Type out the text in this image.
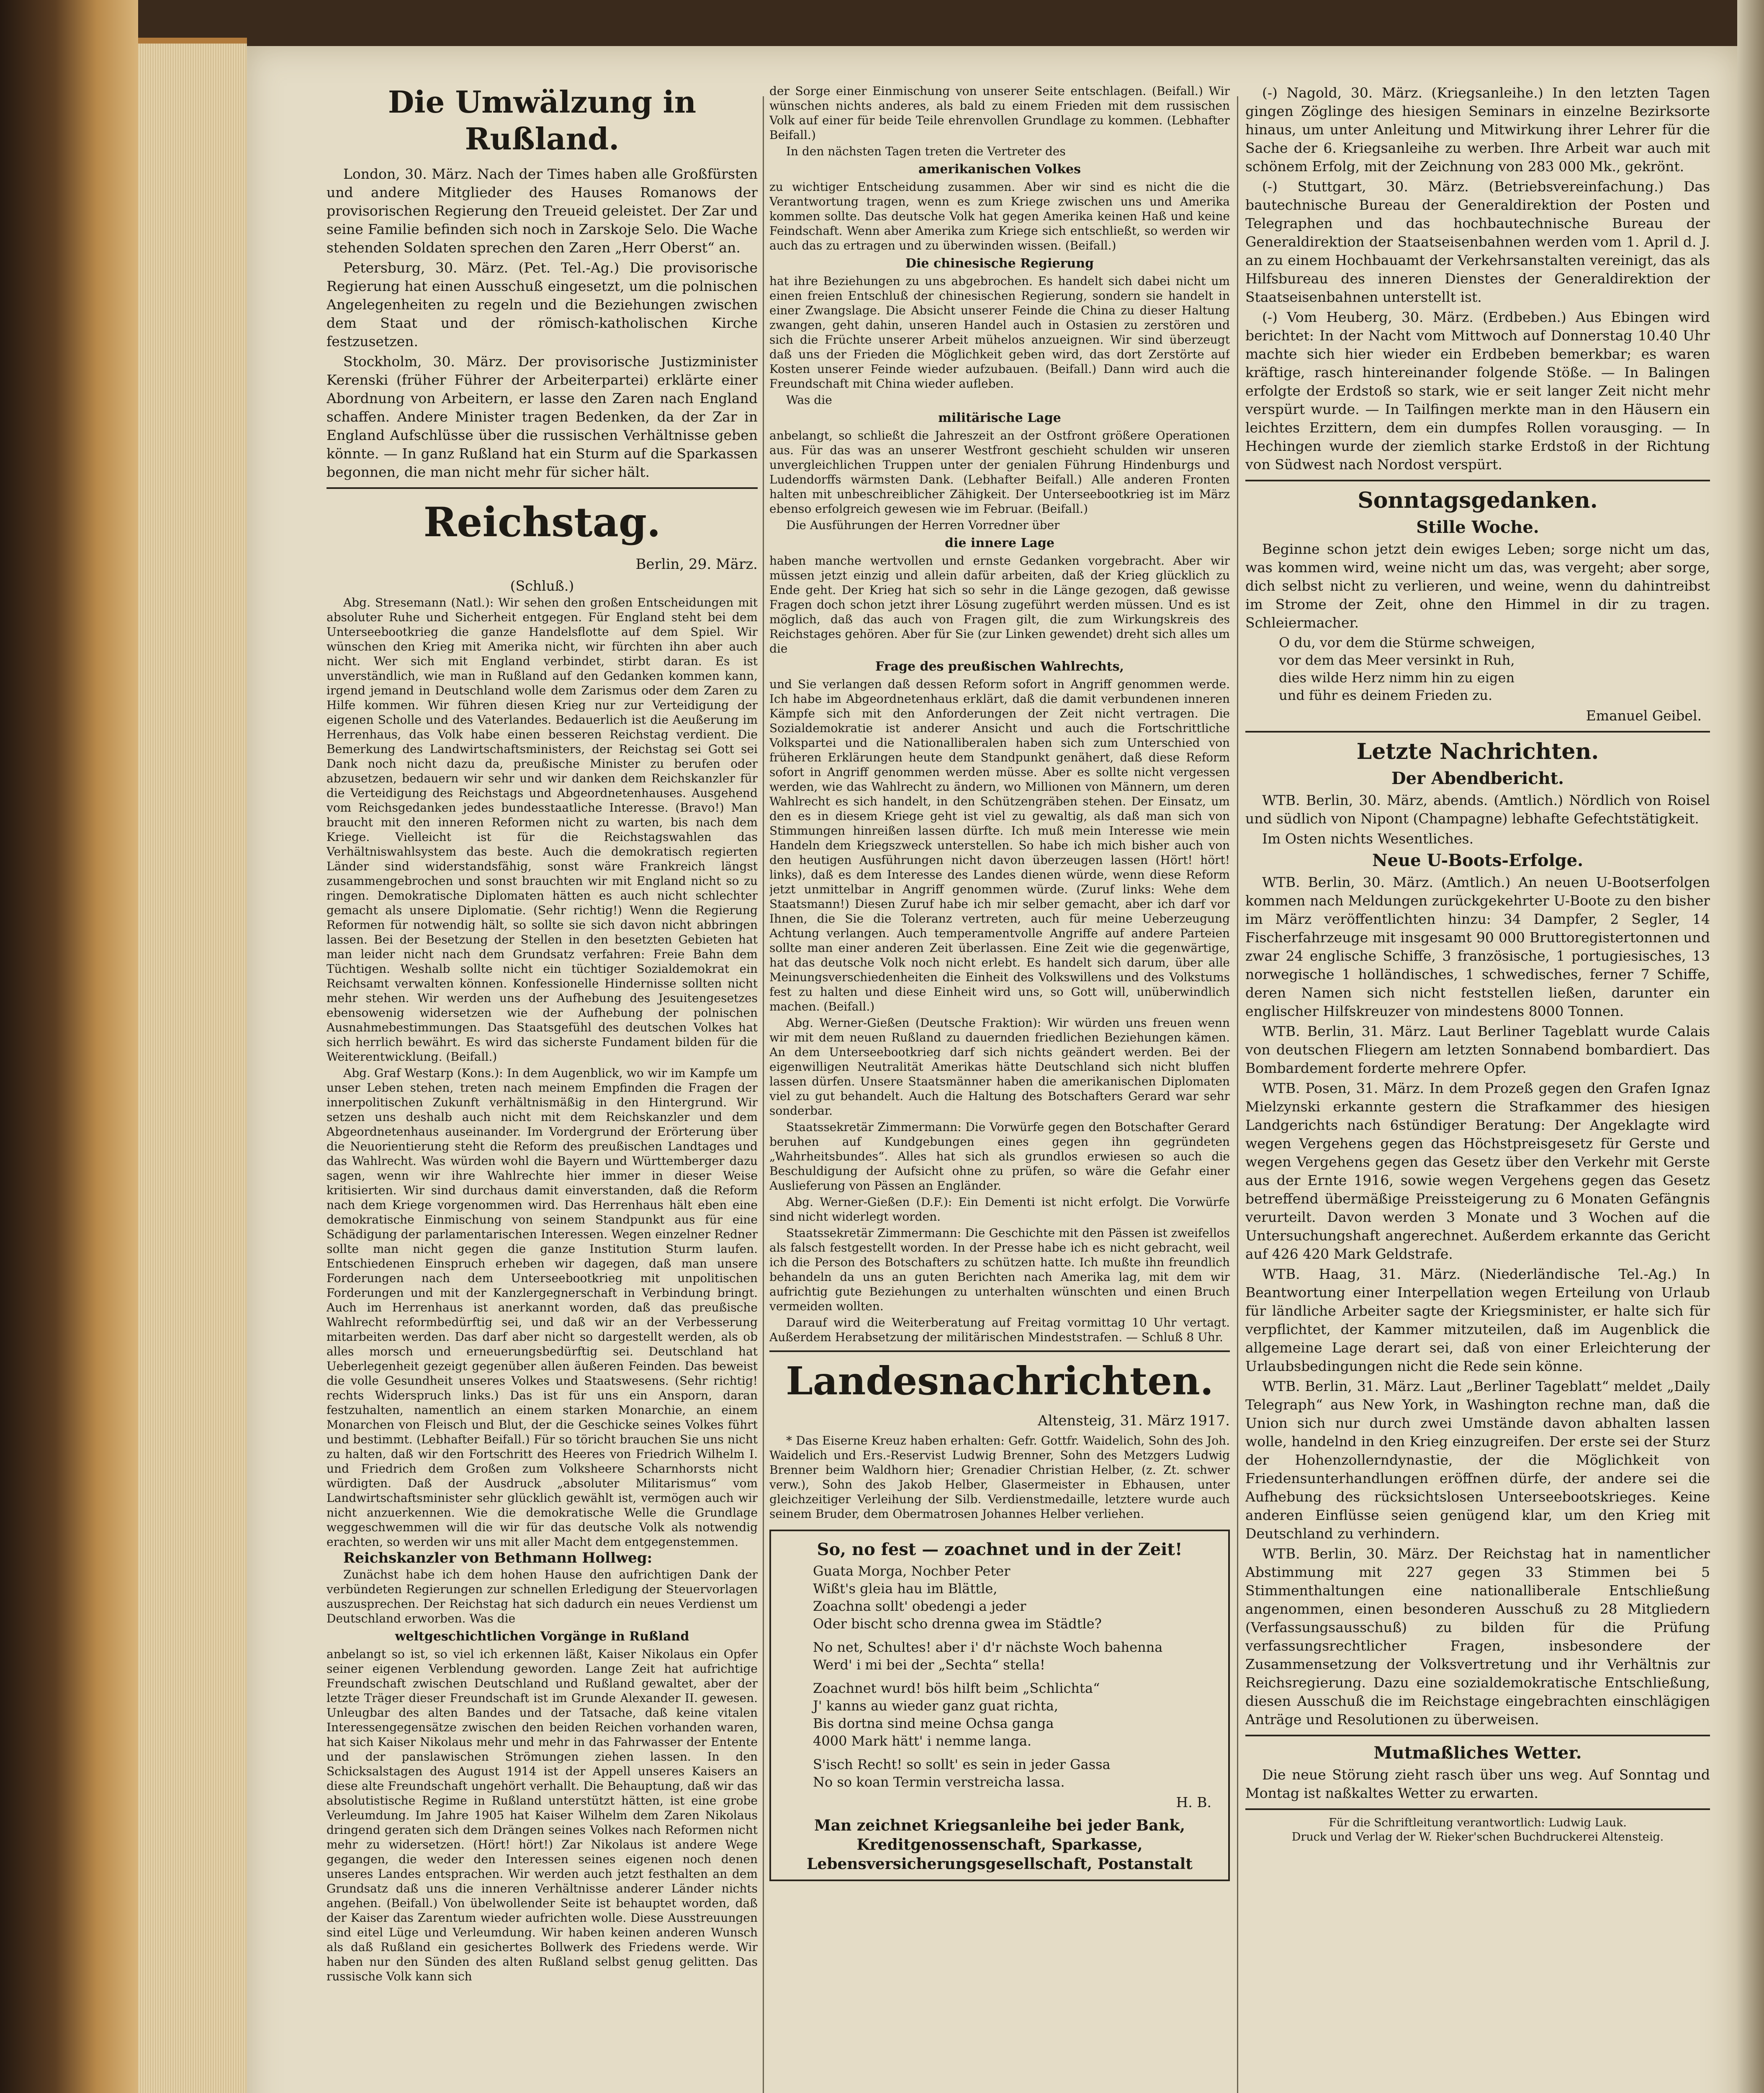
Die Umwälzung in Rußland.

London, 30. März. Nach der Times haben alle Großfürsten und andere Mitglieder des Hauses Romanows der provisorischen Regierung den Treueid geleistet. Der Zar und seine Familie befinden sich noch in Zarskoje Selo. Die Wache stehenden Soldaten sprechen den Zaren „Herr Oberst“ an.

Petersburg, 30. März. (Pet. Tel.-Ag.) Die provisorische Regierung hat einen Ausschuß eingesetzt, um die polnischen Angelegenheiten zu regeln und die Beziehungen zwischen dem Staat und der römisch-katholischen Kirche festzusetzen.

Stockholm, 30. März. Der provisorische Justizminister Kerenski (früher Führer der Arbeiterpartei) erklärte einer Abordnung von Arbeitern, er lasse den Zaren nach England schaffen. Andere Minister tragen Bedenken, da der Zar in England Aufschlüsse über die russischen Verhältnisse geben könnte. — In ganz Rußland hat ein Sturm auf die Sparkassen begonnen, die man nicht mehr für sicher hält.

Reichstag.
Berlin, 29. März.
(Schluß.)

Abg. Stresemann (Natl.): Wir sehen den großen Entscheidungen mit absoluter Ruhe und Sicherheit entgegen. Für England steht bei dem Unterseebootkrieg die ganze Handelsflotte auf dem Spiel. Wir wünschen den Krieg mit Amerika nicht, wir fürchten ihn aber auch nicht. Wer sich mit England verbindet, stirbt daran. Es ist unverständlich, wie man in Rußland auf den Gedanken kommen kann, irgend jemand in Deutschland wolle dem Zarismus oder dem Zaren zu Hilfe kommen. Wir führen diesen Krieg nur zur Verteidigung der eigenen Scholle und des Vaterlandes. Bedauerlich ist die Aeußerung im Herrenhaus, das Volk habe einen besseren Reichstag verdient. Die Bemerkung des Landwirtschaftsministers, der Reichstag sei Gott sei Dank noch nicht dazu da, preußische Minister zu berufen oder abzusetzen, bedauern wir sehr und wir danken dem Reichskanzler für die Verteidigung des Reichstags und Abgeordnetenhauses. Ausgehend vom Reichsgedanken jedes bundesstaatliche Interesse. (Bravo!) Man braucht mit den inneren Reformen nicht zu warten, bis nach dem Kriege. Vielleicht ist für die Reichstagswahlen das Verhältniswahlsystem das beste. Auch die demokratisch regierten Länder sind widerstandsfähig, sonst wäre Frankreich längst zusammengebrochen und sonst brauchten wir mit England nicht so zu ringen. Demokratische Diplomaten hätten es auch nicht schlechter gemacht als unsere Diplomatie. (Sehr richtig!) Wenn die Regierung Reformen für notwendig hält, so sollte sie sich davon nicht abbringen lassen. Bei der Besetzung der Stellen in den besetzten Gebieten hat man leider nicht nach dem Grundsatz verfahren: Freie Bahn dem Tüchtigen. Weshalb sollte nicht ein tüchtiger Sozialdemokrat ein Reichsamt verwalten können. Konfessionelle Hindernisse sollten nicht mehr stehen. Wir werden uns der Aufhebung des Jesuitengesetzes ebensowenig widersetzen wie der Aufhebung der polnischen Ausnahmebestimmungen. Das Staatsgefühl des deutschen Volkes hat sich herrlich bewährt. Es wird das sicherste Fundament bilden für die Weiterentwicklung. (Beifall.)

Abg. Graf Westarp (Kons.): In dem Augenblick, wo wir im Kampfe um unser Leben stehen, treten nach meinem Empfinden die Fragen der innerpolitischen Zukunft verhältnismäßig in den Hintergrund. Wir setzen uns deshalb auch nicht mit dem Reichskanzler und dem Abgeordnetenhaus auseinander. Im Vordergrund der Erörterung über die Neuorientierung steht die Reform des preußischen Landtages und das Wahlrecht. Was würden wohl die Bayern und Württemberger dazu sagen, wenn wir ihre Wahlrechte hier immer in dieser Weise kritisierten. Wir sind durchaus damit einverstanden, daß die Reform nach dem Kriege vorgenommen wird. Das Herrenhaus hält eben eine demokratische Einmischung von seinem Standpunkt aus für eine Schädigung der parlamentarischen Interessen. Wegen einzelner Redner sollte man nicht gegen die ganze Institution Sturm laufen. Entschiedenen Einspruch erheben wir dagegen, daß man unsere Forderungen nach dem Unterseebootkrieg mit unpolitischen Forderungen und mit der Kanzlergegnerschaft in Verbindung bringt. Auch im Herrenhaus ist anerkannt worden, daß das preußische Wahlrecht reformbedürftig sei, und daß wir an der Verbesserung mitarbeiten werden. Das darf aber nicht so dargestellt werden, als ob alles morsch und erneuerungsbedürftig sei. Deutschland hat Ueberlegenheit gezeigt gegenüber allen äußeren Feinden. Das beweist die volle Gesundheit unseres Volkes und Staatswesens. (Sehr richtig! rechts Widerspruch links.) Das ist für uns ein Ansporn, daran festzuhalten, namentlich an einem starken Monarchie, an einem Monarchen von Fleisch und Blut, der die Geschicke seines Volkes führt und bestimmt. (Lebhafter Beifall.) Für so töricht brauchen Sie uns nicht zu halten, daß wir den Fortschritt des Heeres von Friedrich Wilhelm I. und Friedrich dem Großen zum Volksheere Scharnhorsts nicht würdigten. Daß der Ausdruck „absoluter Militarismus“ vom Landwirtschaftsminister sehr glücklich gewählt ist, vermögen auch wir nicht anzuerkennen. Wie die demokratische Welle die Grundlage weggeschwemmen will die wir für das deutsche Volk als notwendig erachten, so werden wir uns mit aller Macht dem entgegenstemmen.

Reichskanzler von Bethmann Hollweg:

Zunächst habe ich dem hohen Hause den aufrichtigen Dank der verbündeten Regierungen zur schnellen Erledigung der Steuervorlagen auszusprechen. Der Reichstag hat sich dadurch ein neues Verdienst um Deutschland erworben. Was die

weltgeschichtlichen Vorgänge in Rußland

anbelangt so ist, so viel ich erkennen läßt, Kaiser Nikolaus ein Opfer seiner eigenen Verblendung geworden. Lange Zeit hat aufrichtige Freundschaft zwischen Deutschland und Rußland gewaltet, aber der letzte Träger dieser Freundschaft ist im Grunde Alexander II. gewesen. Unleugbar des alten Bandes und der Tatsache, daß keine vitalen Interessengegensätze zwischen den beiden Reichen vorhanden waren, hat sich Kaiser Nikolaus mehr und mehr in das Fahrwasser der Entente und der panslawischen Strömungen ziehen lassen. In den Schicksalstagen des August 1914 ist der Appell unseres Kaisers an diese alte Freundschaft ungehört verhallt. Die Behauptung, daß wir das absolutistische Regime in Rußland unterstützt hätten, ist eine grobe Verleumdung. Im Jahre 1905 hat Kaiser Wilhelm dem Zaren Nikolaus dringend geraten sich dem Drängen seines Volkes nach Reformen nicht mehr zu widersetzen. (Hört! hört!) Zar Nikolaus ist andere Wege gegangen, die weder den Interessen seines eigenen noch denen unseres Landes entsprachen. Wir werden auch jetzt festhalten an dem Grundsatz daß uns die inneren Verhältnisse anderer Länder nichts angehen. (Beifall.) Von übelwollender Seite ist behauptet worden, daß der Kaiser das Zarentum wieder aufrichten wolle. Diese Ausstreuungen sind eitel Lüge und Verleumdung. Wir haben keinen anderen Wunsch als daß Rußland ein gesichertes Bollwerk des Friedens werde. Wir haben nur den Sünden des alten Rußland selbst genug gelitten. Das russische Volk kann sich

der Sorge einer Einmischung von unserer Seite entschlagen. (Beifall.) Wir wünschen nichts anderes, als bald zu einem Frieden mit dem russischen Volk auf einer für beide Teile ehrenvollen Grundlage zu kommen. (Lebhafter Beifall.)

In den nächsten Tagen treten die Vertreter des

amerikanischen Volkes

zu wichtiger Entscheidung zusammen. Aber wir sind es nicht die die Verantwortung tragen, wenn es zum Kriege zwischen uns und Amerika kommen sollte. Das deutsche Volk hat gegen Amerika keinen Haß und keine Feindschaft. Wenn aber Amerika zum Kriege sich entschließt, so werden wir auch das zu ertragen und zu überwinden wissen. (Beifall.)

Die chinesische Regierung

hat ihre Beziehungen zu uns abgebrochen. Es handelt sich dabei nicht um einen freien Entschluß der chinesischen Regierung, sondern sie handelt in einer Zwangslage. Die Absicht unserer Feinde die China zu dieser Haltung zwangen, geht dahin, unseren Handel auch in Ostasien zu zerstören und sich die Früchte unserer Arbeit mühelos anzueignen. Wir sind überzeugt daß uns der Frieden die Möglichkeit geben wird, das dort Zerstörte auf Kosten unserer Feinde wieder aufzubauen. (Beifall.) Dann wird auch die Freundschaft mit China wieder aufleben.

Was die

militärische Lage

anbelangt, so schließt die Jahreszeit an der Ostfront größere Operationen aus. Für das was an unserer Westfront geschieht schulden wir unseren unvergleichlichen Truppen unter der genialen Führung Hindenburgs und Ludendorffs wärmsten Dank. (Lebhafter Beifall.) Alle anderen Fronten halten mit unbeschreiblicher Zähigkeit. Der Unterseebootkrieg ist im März ebenso erfolgreich gewesen wie im Februar. (Beifall.)

Die Ausführungen der Herren Vorredner über

die innere Lage

haben manche wertvollen und ernste Gedanken vorgebracht. Aber wir müssen jetzt einzig und allein dafür arbeiten, daß der Krieg glücklich zu Ende geht. Der Krieg hat sich so sehr in die Länge gezogen, daß gewisse Fragen doch schon jetzt ihrer Lösung zugeführt werden müssen. Und es ist möglich, daß das auch von Fragen gilt, die zum Wirkungskreis des Reichstages gehören. Aber für Sie (zur Linken gewendet) dreht sich alles um die

Frage des preußischen Wahlrechts,

und Sie verlangen daß dessen Reform sofort in Angriff genommen werde. Ich habe im Abgeordnetenhaus erklärt, daß die damit verbundenen inneren Kämpfe sich mit den Anforderungen der Zeit nicht vertragen. Die Sozialdemokratie ist anderer Ansicht und auch die Fortschrittliche Volkspartei und die Nationalliberalen haben sich zum Unterschied von früheren Erklärungen heute dem Standpunkt genähert, daß diese Reform sofort in Angriff genommen werden müsse. Aber es sollte nicht vergessen werden, wie das Wahlrecht zu ändern, wo Millionen von Männern, um deren Wahlrecht es sich handelt, in den Schützengräben stehen. Der Einsatz, um den es in diesem Kriege geht ist viel zu gewaltig, als daß man sich von Stimmungen hinreißen lassen dürfte. Ich muß mein Interesse wie mein Handeln dem Kriegszweck unterstellen. So habe ich mich bisher auch von den heutigen Ausführungen nicht davon überzeugen lassen (Hört! hört! links), daß es dem Interesse des Landes dienen würde, wenn diese Reform jetzt unmittelbar in Angriff genommen würde. (Zuruf links: Wehe dem Staatsmann!) Diesen Zuruf habe ich mir selber gemacht, aber ich darf vor Ihnen, die Sie die Toleranz vertreten, auch für meine Ueberzeugung Achtung verlangen. Auch temperamentvolle Angriffe auf andere Parteien sollte man einer anderen Zeit überlassen. Eine Zeit wie die gegenwärtige, hat das deutsche Volk noch nicht erlebt. Es handelt sich darum, über alle Meinungsverschiedenheiten die Einheit des Volkswillens und des Volkstums fest zu halten und diese Einheit wird uns, so Gott will, unüberwindlich machen. (Beifall.)

Abg. Werner-Gießen (Deutsche Fraktion): Wir würden uns freuen wenn wir mit dem neuen Rußland zu dauernden friedlichen Beziehungen kämen. An dem Unterseebootkrieg darf sich nichts geändert werden. Bei der eigenwilligen Neutralität Amerikas hätte Deutschland sich nicht bluffen lassen dürfen. Unsere Staatsmänner haben die amerikanischen Diplomaten viel zu gut behandelt. Auch die Haltung des Botschafters Gerard war sehr sonderbar.

Staatssekretär Zimmermann: Die Vorwürfe gegen den Botschafter Gerard beruhen auf Kundgebungen eines gegen ihn gegründeten „Wahrheitsbundes“. Alles hat sich als grundlos erwiesen so auch die Beschuldigung der Aufsicht ohne zu prüfen, so wäre die Gefahr einer Auslieferung von Pässen an Engländer.

Abg. Werner-Gießen (D.F.): Ein Dementi ist nicht erfolgt. Die Vorwürfe sind nicht widerlegt worden.

Staatssekretär Zimmermann: Die Geschichte mit den Pässen ist zweifellos als falsch festgestellt worden. In der Presse habe ich es nicht gebracht, weil ich die Person des Botschafters zu schützen hatte. Ich mußte ihn freundlich behandeln da uns an guten Berichten nach Amerika lag, mit dem wir aufrichtig gute Beziehungen zu unterhalten wünschten und einen Bruch vermeiden wollten.

Darauf wird die Weiterberatung auf Freitag vormittag 10 Uhr vertagt. Außerdem Herabsetzung der militärischen Mindeststrafen. — Schluß 8 Uhr.

Landesnachrichten.
Altensteig, 31. März 1917.

* Das Eiserne Kreuz haben erhalten: Gefr. Gottfr. Waidelich, Sohn des Joh. Waidelich und Ers.-Reservist Ludwig Brenner, Sohn des Metzgers Ludwig Brenner beim Waldhorn hier; Grenadier Christian Helber, (z. Zt. schwer verw.), Sohn des Jakob Helber, Glasermeister in Ebhausen, unter gleichzeitiger Verleihung der Silb. Verdienstmedaille, letztere wurde auch seinem Bruder, dem Obermatrosen Johannes Helber verliehen.

So, no fest — zoachnet und in der Zeit!
Guata Morga, Nochber Peter
Wißt's gleia hau im Blättle,
Zoachna sollt' obedengi a jeder
Oder bischt scho drenna gwea im Städtle?
No net, Schultes! aber i' d'r nächste Woch bahenna
Werd' i mi bei der „Sechta“ stella!
Zoachnet wurd! bös hilft beim „Schlichta“
J' kanns au wieder ganz guat richta,
Bis dortna sind meine Ochsa ganga
4000 Mark hätt' i nemme langa.
S'isch Recht! so sollt' es sein in jeder Gassa
No so koan Termin verstreicha lassa.
H. B.
Man zeichnet Kriegsanleihe bei jeder Bank, Kreditgenossenschaft, Sparkasse, Lebensversicherungsgesellschaft, Postanstalt

(-) Nagold, 30. März. (Kriegsanleihe.) In den letzten Tagen gingen Zöglinge des hiesigen Seminars in einzelne Bezirksorte hinaus, um unter Anleitung und Mitwirkung ihrer Lehrer für die Sache der 6. Kriegsanleihe zu werben. Ihre Arbeit war auch mit schönem Erfolg, mit der Zeichnung von 283 000 Mk., gekrönt.

(-) Stuttgart, 30. März. (Betriebsvereinfachung.) Das bautechnische Bureau der Generaldirektion der Posten und Telegraphen und das hochbautechnische Bureau der Generaldirektion der Staatseisenbahnen werden vom 1. April d. J. an zu einem Hochbauamt der Verkehrsanstalten vereinigt, das als Hilfsbureau des inneren Dienstes der Generaldirektion der Staatseisenbahnen unterstellt ist.

(-) Vom Heuberg, 30. März. (Erdbeben.) Aus Ebingen wird berichtet: In der Nacht vom Mittwoch auf Donnerstag 10.40 Uhr machte sich hier wieder ein Erdbeben bemerkbar; es waren kräftige, rasch hintereinander folgende Stöße. — In Balingen erfolgte der Erdstoß so stark, wie er seit langer Zeit nicht mehr verspürt wurde. — In Tailfingen merkte man in den Häusern ein leichtes Erzittern, dem ein dumpfes Rollen vorausging. — In Hechingen wurde der ziemlich starke Erdstoß in der Richtung von Südwest nach Nordost verspürt.

Sonntagsgedanken.
Stille Woche.

Beginne schon jetzt dein ewiges Leben; sorge nicht um das, was kommen wird, weine nicht um das, was vergeht; aber sorge, dich selbst nicht zu verlieren, und weine, wenn du dahintreibst im Strome der Zeit, ohne den Himmel in dir zu tragen. Schleiermacher.

O du, vor dem die Stürme schweigen,
vor dem das Meer versinkt in Ruh,
dies wilde Herz nimm hin zu eigen
und führ es deinem Frieden zu.
Emanuel Geibel.
Letzte Nachrichten.
Der Abendbericht.

WTB. Berlin, 30. März, abends. (Amtlich.) Nördlich von Roisel und südlich von Nipont (Champagne) lebhafte Gefechtstätigkeit.

Im Osten nichts Wesentliches.

Neue U-Boots-Erfolge.

WTB. Berlin, 30. März. (Amtlich.) An neuen U-Bootserfolgen kommen nach Meldungen zurückgekehrter U-Boote zu den bisher im März veröffentlichten hinzu: 34 Dampfer, 2 Segler, 14 Fischerfahrzeuge mit insgesamt 90 000 Bruttoregistertonnen und zwar 24 englische Schiffe, 3 französische, 1 portugiesisches, 13 norwegische 1 holländisches, 1 schwedisches, ferner 7 Schiffe, deren Namen sich nicht feststellen ließen, darunter ein englischer Hilfskreuzer von mindestens 8000 Tonnen.

WTB. Berlin, 31. März. Laut Berliner Tageblatt wurde Calais von deutschen Fliegern am letzten Sonnabend bombardiert. Das Bombardement forderte mehrere Opfer.

WTB. Posen, 31. März. In dem Prozeß gegen den Grafen Ignaz Mielzynski erkannte gestern die Strafkammer des hiesigen Landgerichts nach 6stündiger Beratung: Der Angeklagte wird wegen Vergehens gegen das Höchstpreisgesetz für Gerste und wegen Vergehens gegen das Gesetz über den Verkehr mit Gerste aus der Ernte 1916, sowie wegen Vergehens gegen das Gesetz betreffend übermäßige Preissteigerung zu 6 Monaten Gefängnis verurteilt. Davon werden 3 Monate und 3 Wochen auf die Untersuchungshaft angerechnet. Außerdem erkannte das Gericht auf 426 420 Mark Geldstrafe.

WTB. Haag, 31. März. (Niederländische Tel.-Ag.) In Beantwortung einer Interpellation wegen Erteilung von Urlaub für ländliche Arbeiter sagte der Kriegsminister, er halte sich für verpflichtet, der Kammer mitzuteilen, daß im Augenblick die allgemeine Lage derart sei, daß von einer Erleichterung der Urlaubsbedingungen nicht die Rede sein könne.

WTB. Berlin, 31. März. Laut „Berliner Tageblatt“ meldet „Daily Telegraph“ aus New York, in Washington rechne man, daß die Union sich nur durch zwei Umstände davon abhalten lassen wolle, handelnd in den Krieg einzugreifen. Der erste sei der Sturz der Hohenzollerndynastie, der die Möglichkeit von Friedensunterhandlungen eröffnen dürfe, der andere sei die Aufhebung des rücksichtslosen Unterseebootskrieges. Keine anderen Einflüsse seien genügend klar, um den Krieg mit Deutschland zu verhindern.

WTB. Berlin, 30. März. Der Reichstag hat in namentlicher Abstimmung mit 227 gegen 33 Stimmen bei 5 Stimmenthaltungen eine nationalliberale Entschließung angenommen, einen besonderen Ausschuß zu 28 Mitgliedern (Verfassungsausschuß) zu bilden für die Prüfung verfassungsrechtlicher Fragen, insbesondere der Zusammensetzung der Volksvertretung und ihr Verhältnis zur Reichsregierung. Dazu eine sozialdemokratische Entschließung, diesen Ausschuß die im Reichstage eingebrachten einschlägigen Anträge und Resolutionen zu überweisen.

Mutmaßliches Wetter.

Die neue Störung zieht rasch über uns weg. Auf Sonntag und Montag ist naßkaltes Wetter zu erwarten.

Für die Schriftleitung verantwortlich: Ludwig Lauk.
Druck und Verlag der W. Rieker'schen Buchdruckerei Altensteig.
